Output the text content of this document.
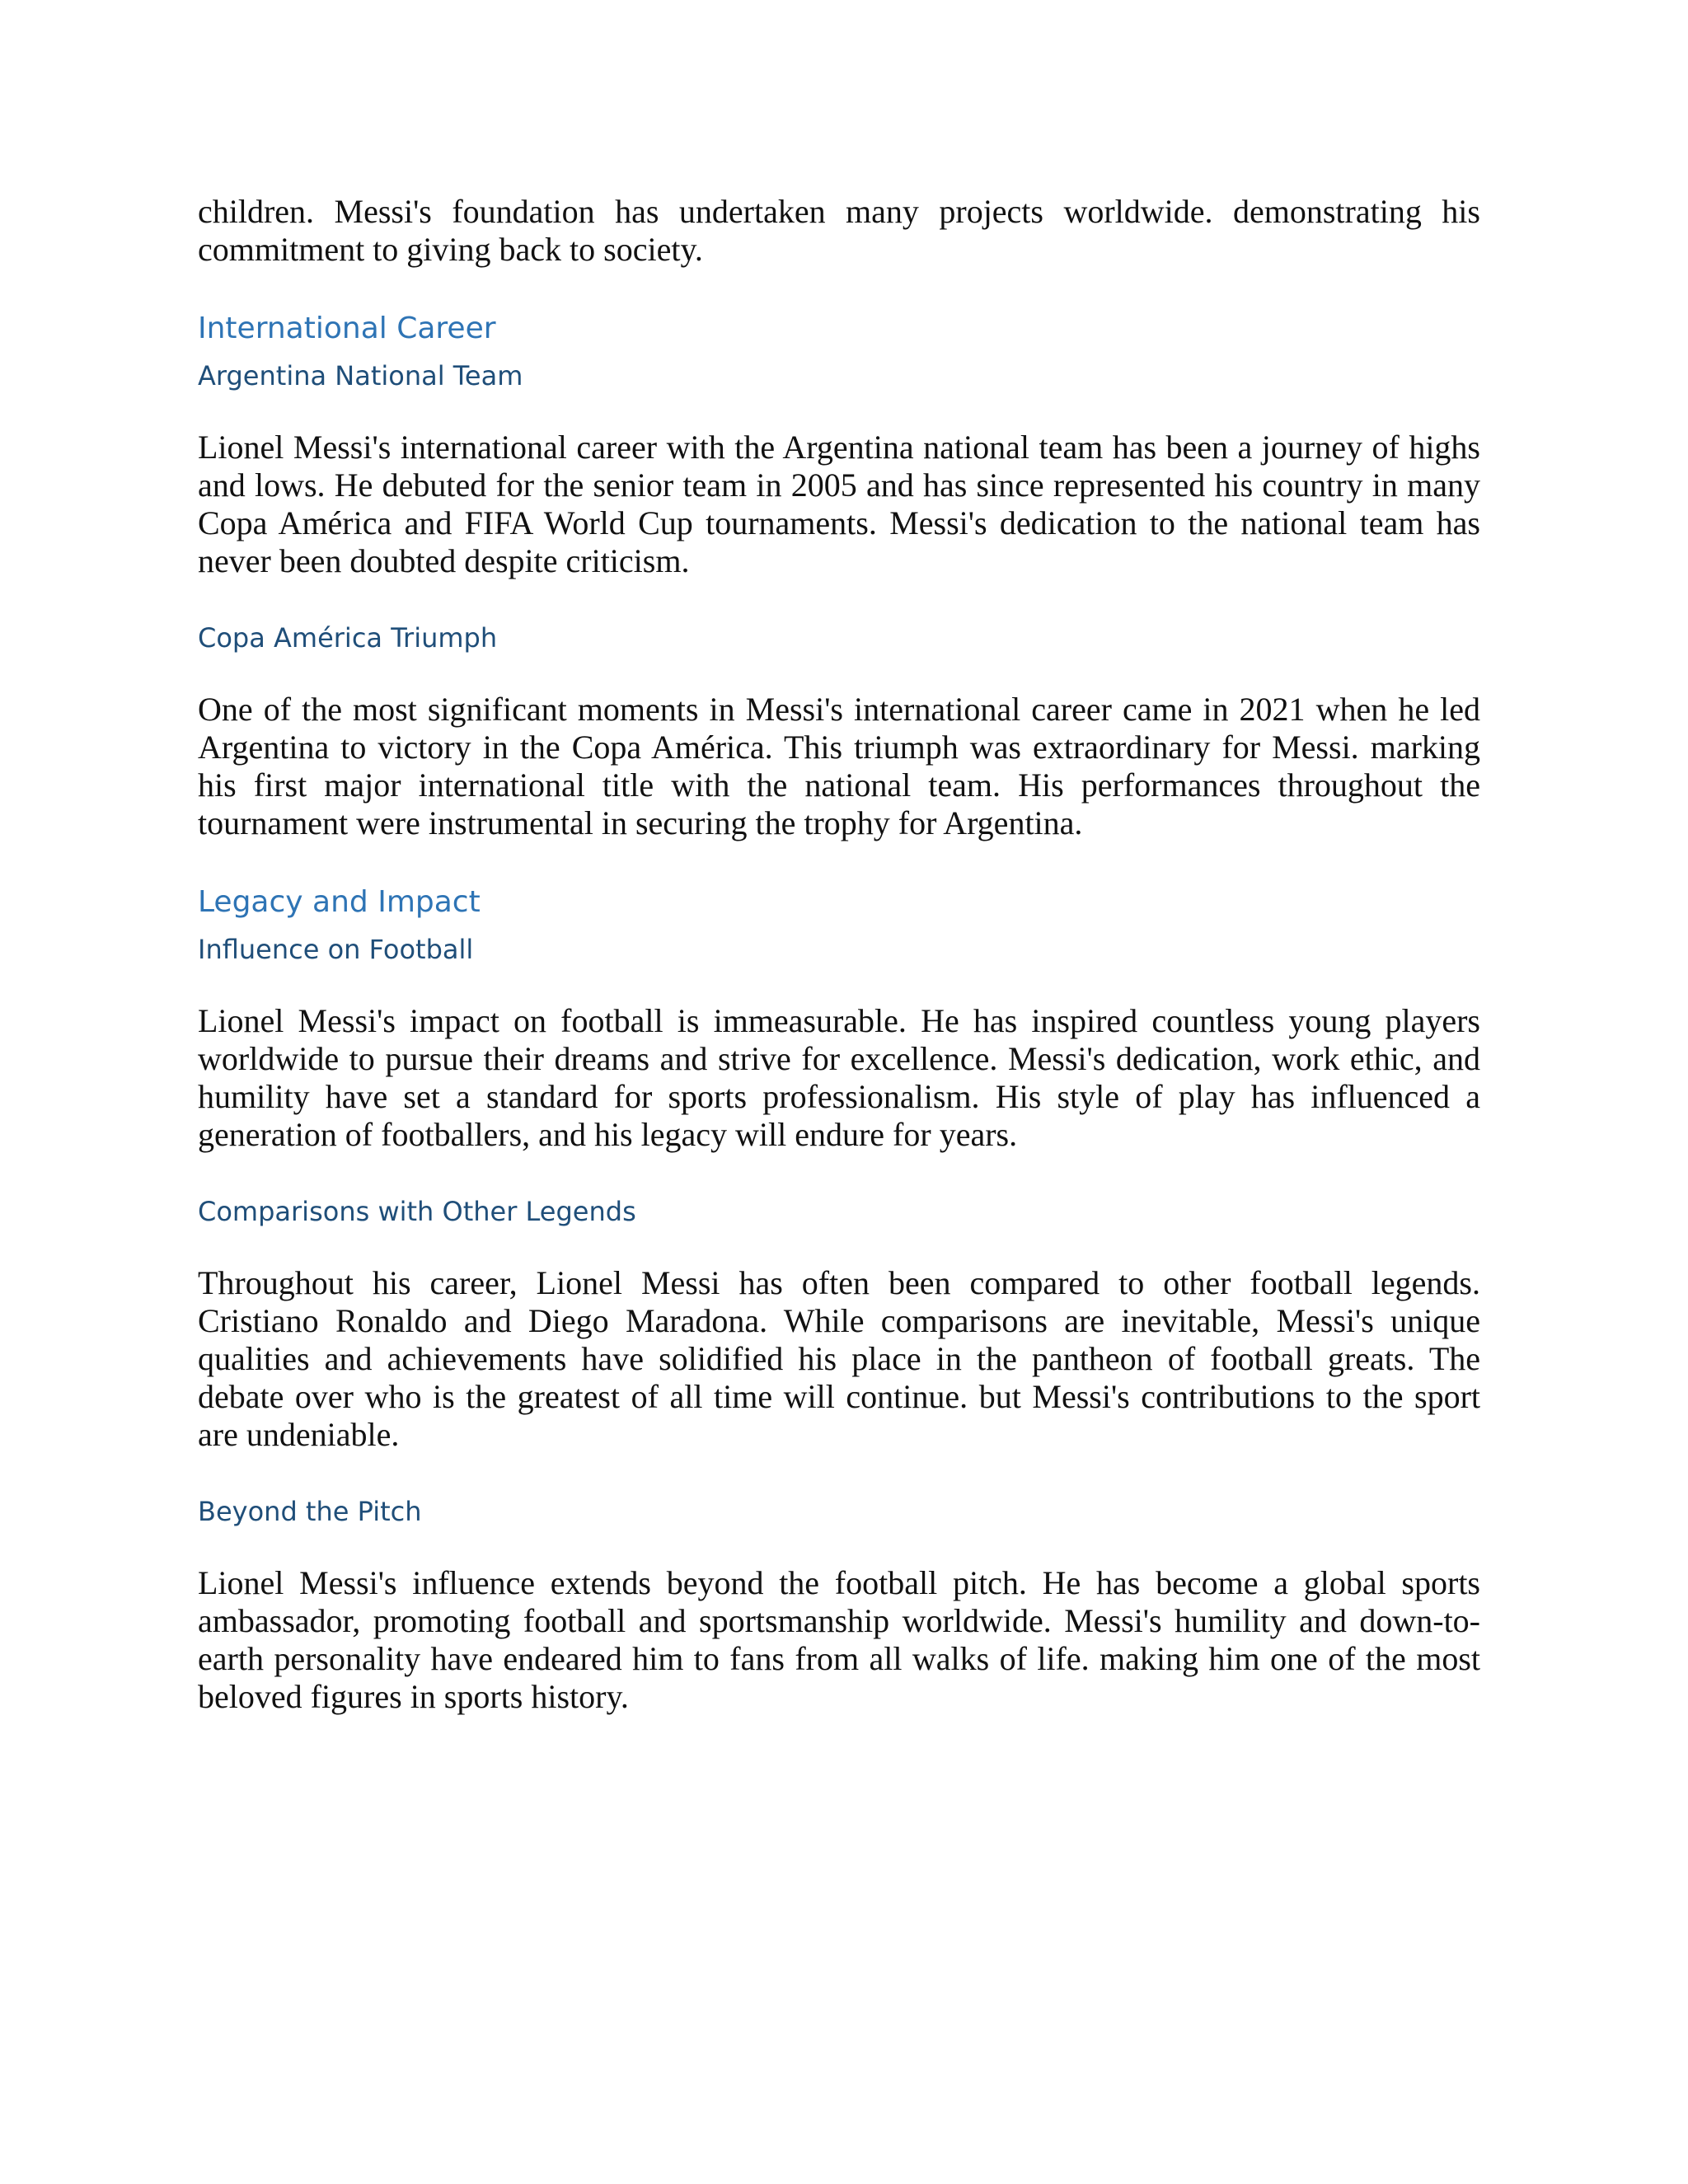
children. Messi's foundation has undertaken many projects worldwide. demonstrating his commitment to giving back to society.

International Career
Argentina National Team

Lionel Messi's international career with the Argentina national team has been a journey of highs and lows. He debuted for the senior team in 2005 and has since represented his country in many Copa América and FIFA World Cup tournaments. Messi's dedication to the national team has never been doubted despite criticism.

Copa América Triumph

One of the most significant moments in Messi's international career came in 2021 when he led Argentina to victory in the Copa América. This triumph was extraordinary for Messi. marking his first major international title with the national team. His performances throughout the tournament were instrumental in securing the trophy for Argentina.

Legacy and Impact
Influence on Football

Lionel Messi's impact on football is immeasurable. He has inspired countless young players worldwide to pursue their dreams and strive for excellence. Messi's dedication, work ethic, and humility have set a standard for sports professionalism. His style of play has influenced a generation of footballers, and his legacy will endure for years.

Comparisons with Other Legends

Throughout his career, Lionel Messi has often been compared to other football legends. Cristiano Ronaldo and Diego Maradona. While comparisons are inevitable, Messi's unique qualities and achievements have solidified his place in the pantheon of football greats. The debate over who is the greatest of all time will continue. but Messi's contributions to the sport are undeniable.

Beyond the Pitch

Lionel Messi's influence extends beyond the football pitch. He has become a global sports ambassador, promoting football and sportsmanship worldwide. Messi's humility and down-to-earth personality have endeared him to fans from all walks of life. making him one of the most beloved figures in sports history.
